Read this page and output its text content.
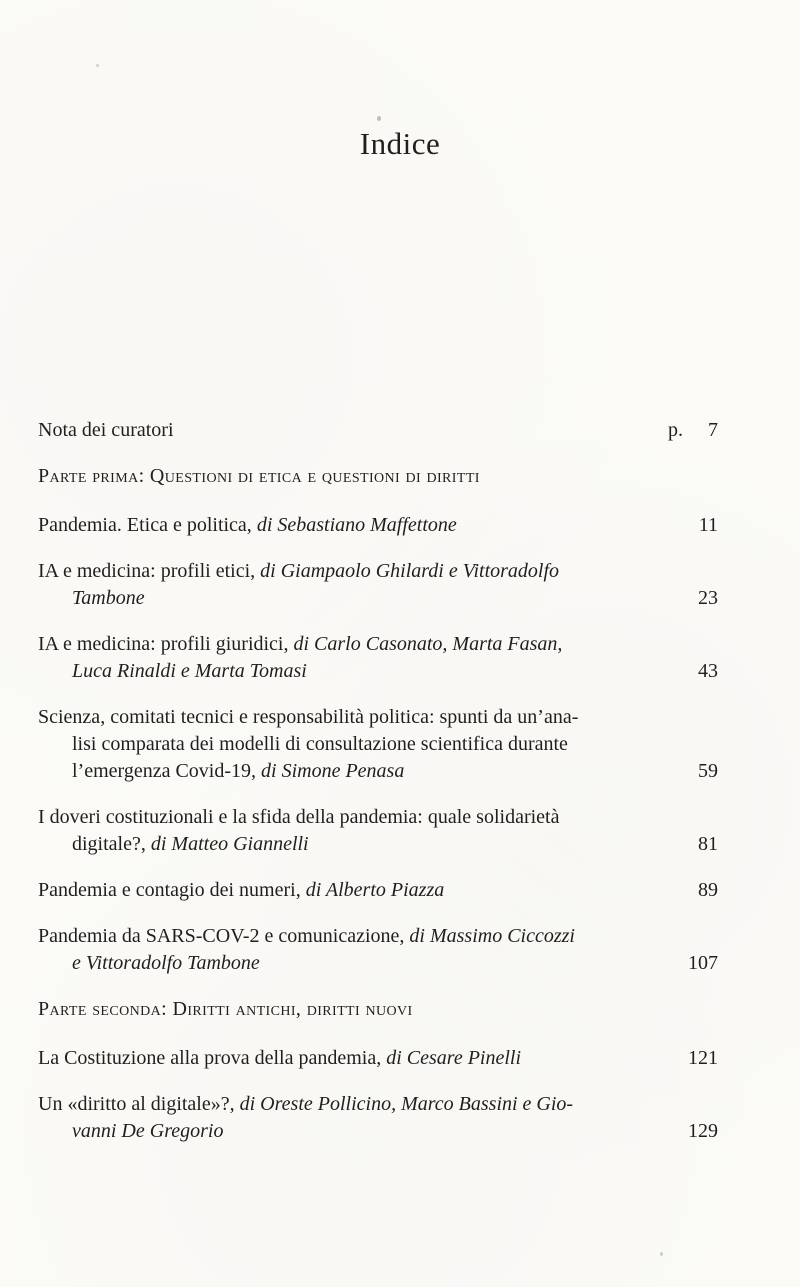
Indice
Nota dei curatori	p. 7
Parte prima: Questioni di etica e questioni di diritti
Pandemia. Etica e politica, di Sebastiano Maffettone	11
IA e medicina: profili etici, di Giampaolo Ghilardi e Vittoradolfo
Tambone	23
IA e medicina: profili giuridici, di Carlo Casonato, Marta Fasan,
Luca Rinaldi e Marta Tomasi	43
Scienza, comitati tecnici e responsabilità politica: spunti da un’ana-
lisi comparata dei modelli di consultazione scientifica durante
l’emergenza Covid-19, di Simone Penasa	59
I doveri costituzionali e la sfida della pandemia: quale solidarietà
digitale?, di Matteo Giannelli	81
Pandemia e contagio dei numeri, di Alberto Piazza	89
Pandemia da SARS-COV-2 e comunicazione, di Massimo Ciccozzi
e Vittoradolfo Tambone	107
Parte seconda: Diritti antichi, diritti nuovi
La Costituzione alla prova della pandemia, di Cesare Pinelli	121
Un «diritto al digitale»?, di Oreste Pollicino, Marco Bassini e Gio-
vanni De Gregorio	129
